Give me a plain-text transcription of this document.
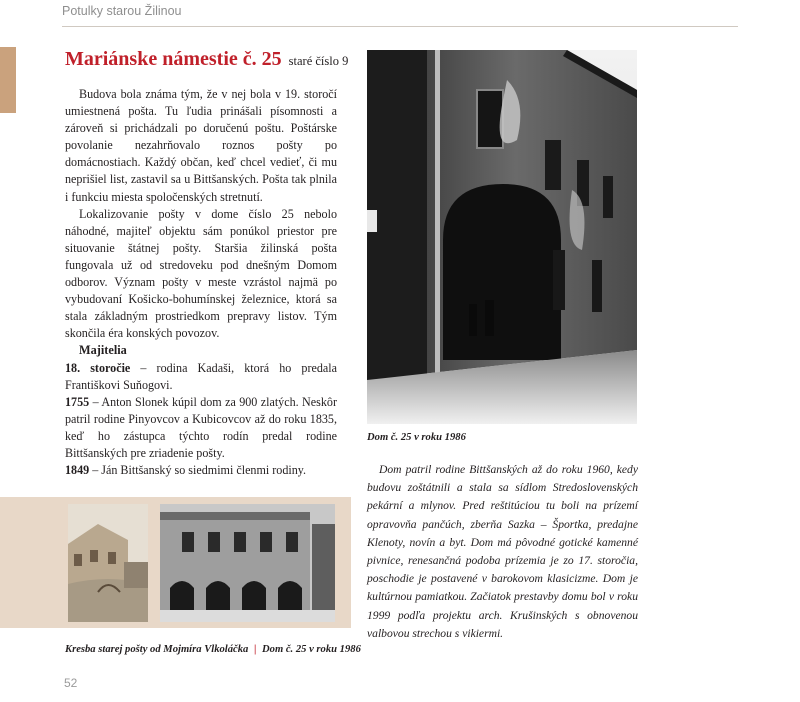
Potulky starou Žilinou
Mariánske námestie č. 25 staré číslo 9

Budova bola známa tým, že v nej bola v 19. storočí umiestnená pošta. Tu ľudia prinášali písomnosti a zároveň si prichádzali po doručenú poštu. Poštárske povolanie nezahrňovalo roznos pošty po domácnostiach. Každý občan, keď chcel vedieť, či mu neprišiel list, zastavil sa u Bittšanských. Pošta tak plnila i funkciu miesta spoločenských stretnutí.

Lokalizovanie pošty v dome číslo 25 nebolo náhodné, majiteľ objektu sám ponúkol priestor pre situovanie štátnej pošty. Staršia žilinská pošta fungovala už od stredoveku pod dnešným Domom odborov. Význam pošty v meste vzrástol najmä po vybudovaní Košicko-bohumínskej železnice, ktorá sa stala základným prostriedkom prepravy listov. Tým skončila éra konských povozov.

Majitelia

18. storočie – rodina Kadaši, ktorá ho predala Františkovi Suňogovi.

1755 – Anton Slonek kúpil dom za 900 zlatých. Neskôr patril rodine Pinyovcov a Kubicovcov až do roku 1835, keď ho zástupca týchto rodín predal rodine Bittšanských pre zriadenie pošty.

1849 – Ján Bittšanský so siedmimi členmi rodiny.

Dom č. 25 v roku 1986

Dom patril rodine Bittšanských až do roku 1960, kedy budovu zoštátnili a stala sa sídlom Stredoslovenských pekární a mlynov. Pred reštitúciou tu boli na prízemí opravovňa pančúch, zberňa Sazka – Športka, predajne Klenoty, novín a byt. Dom má pôvodné gotické kamenné pivnice, renesančná podoba prízemia je zo 17. storočia, poschodie je postavené v barokovom klasicizme. Dom je kultúrnou pamiatkou. Začiatok prestavby domu bol v roku 1999 podľa projektu arch. Krušinských s obnovenou valbovou strechou s vikiermi.

Kresba starej pošty od Mojmíra Vlkoláčka | Dom č. 25 v roku 1986
52
